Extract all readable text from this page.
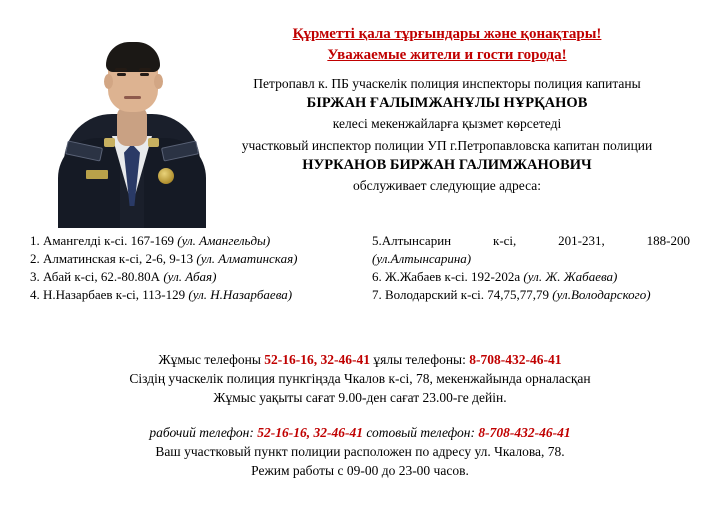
Құрметті қала тұрғындары және қонақтары!
Уважаемые жители и гости города!
Петропавл к. ПБ учаскелік полиция инспекторы полиция капитаны
БІРЖАН ҒАЛЫМЖАНҰЛЫ НҰРҚАНОВ
келесі мекенжайларға қызмет көрсетеді
участковый инспектор полиции УП г.Петропавловска капитан полиции
НУРКАНОВ БИРЖАН ГАЛИМЖАНОВИЧ
обслуживает следующие адреса:
1. Амангелді к-сі. 167-169 (ул. Амангельды)
2. Алматинская к-сі, 2-6, 9-13 (ул. Алматинская)
3. Абай к-сі, 62.-80.80А (ул. Абая)
4. Н.Назарбаев к-сі, 113-129 (ул. Н.Назарбаева)
5.Алтынсарин	к-сі,	201-231,	188-200
(ул.Алтынсарина)
6. Ж.Жабаев к-сі. 192-202а (ул. Ж. Жабаева)
7. Володарский к-сі. 74,75,77,79 (ул.Володарского)
Жұмыс телефоны 52-16-16, 32-46-41 ұялы телефоны: 8-708-432-46-41
Сіздің учаскелік полиция пункгіңзда Чкалов к-сі, 78, мекенжайында орналасқан
Жұмыс уақыты сағат 9.00-ден сағат 23.00-ге дейін.
рабочий телефон: 52-16-16, 32-46-41 сотовый телефон: 8-708-432-46-41
Ваш участковый пункт полиции расположен по адресу ул. Чкалова, 78.
Режим работы с 09-00 до 23-00 часов.
